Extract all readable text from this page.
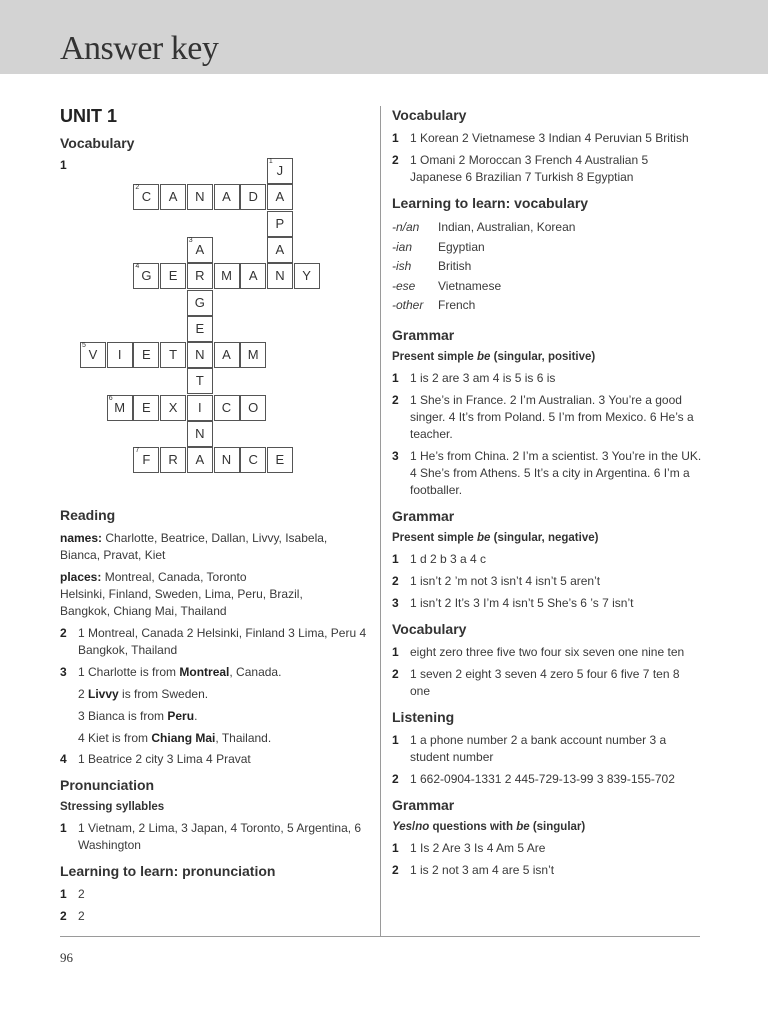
Answer key
UNIT 1
Vocabulary
1	J
1
A
P
A
N
C
2
A	N	A	D
A
3
R
G
E
N
T
I
N
A
G
4
E	M	A	Y
V
5
I	E	T	A	M
M
6
E	X	C	O
F
7
R	N	C	E
Reading
names: Charlotte, Beatrice, Dallan, Livvy, Isabela, Bianca, Pravat, Kiet
places: Montreal, Canada, Toronto
Helsinki, Finland, Sweden, Lima, Peru, Brazil,
Bangkok, Chiang Mai, Thailand
2 1 Montreal, Canada 2 Helsinki, Finland 3 Lima, Peru 4 Bangkok, Thailand
3 1 Charlotte is from Montreal, Canada.
2 Livvy is from Sweden.
3 Bianca is from Peru.
4 Kiet is from Chiang Mai, Thailand.
4 1 Beatrice 2 city 3 Lima 4 Pravat
Pronunciation
Stressing syllables
1 1 Vietnam, 2 Lima, 3 Japan, 4 Toronto, 5 Argentina, 6 Washington
Learning to learn: pronunciation
1 2
2 2
Vocabulary
1 1 Korean 2 Vietnamese 3 Indian 4 Peruvian 5 British
2 1 Omani 2 Moroccan 3 French 4 Australian 5 Japanese 6 Brazilian 7 Turkish 8 Egyptian
Learning to learn: vocabulary
-n/an	Indian, Australian, Korean
-ian	Egyptian
-ish	British
-ese	Vietnamese
-other	French
Grammar
Present simple be (singular, positive)
1 1 is 2 are 3 am 4 is 5 is 6 is
2 1 She’s in France. 2 I’m Australian. 3 You’re a good singer. 4 It’s from Poland. 5 I’m from Mexico. 6 He’s a teacher.
3 1 He’s from China. 2 I’m a scientist. 3 You’re in the UK. 4 She’s from Athens. 5 It’s a city in Argentina. 6 I’m a footballer.
Grammar
Present simple be (singular, negative)
1 1 d 2 b 3 a 4 c
2 1 isn’t 2 ’m not 3 isn’t 4 isn’t 5 aren’t
3 1 isn’t 2 It’s 3 I’m 4 isn’t 5 She’s 6 ’s 7 isn’t
Vocabulary
1 eight zero three five two four six seven one nine ten
2 1 seven 2 eight 3 seven 4 zero 5 four 6 five 7 ten 8 one
Listening
1 1 a phone number 2 a bank account number 3 a student number
2 1 662-0904-1331 2 445-729-13-99 3 839-155-702
Grammar
Yes/no questions with be (singular)
1 1 Is 2 Are 3 Is 4 Am 5 Are
2 1 is 2 not 3 am 4 are 5 isn’t
96
